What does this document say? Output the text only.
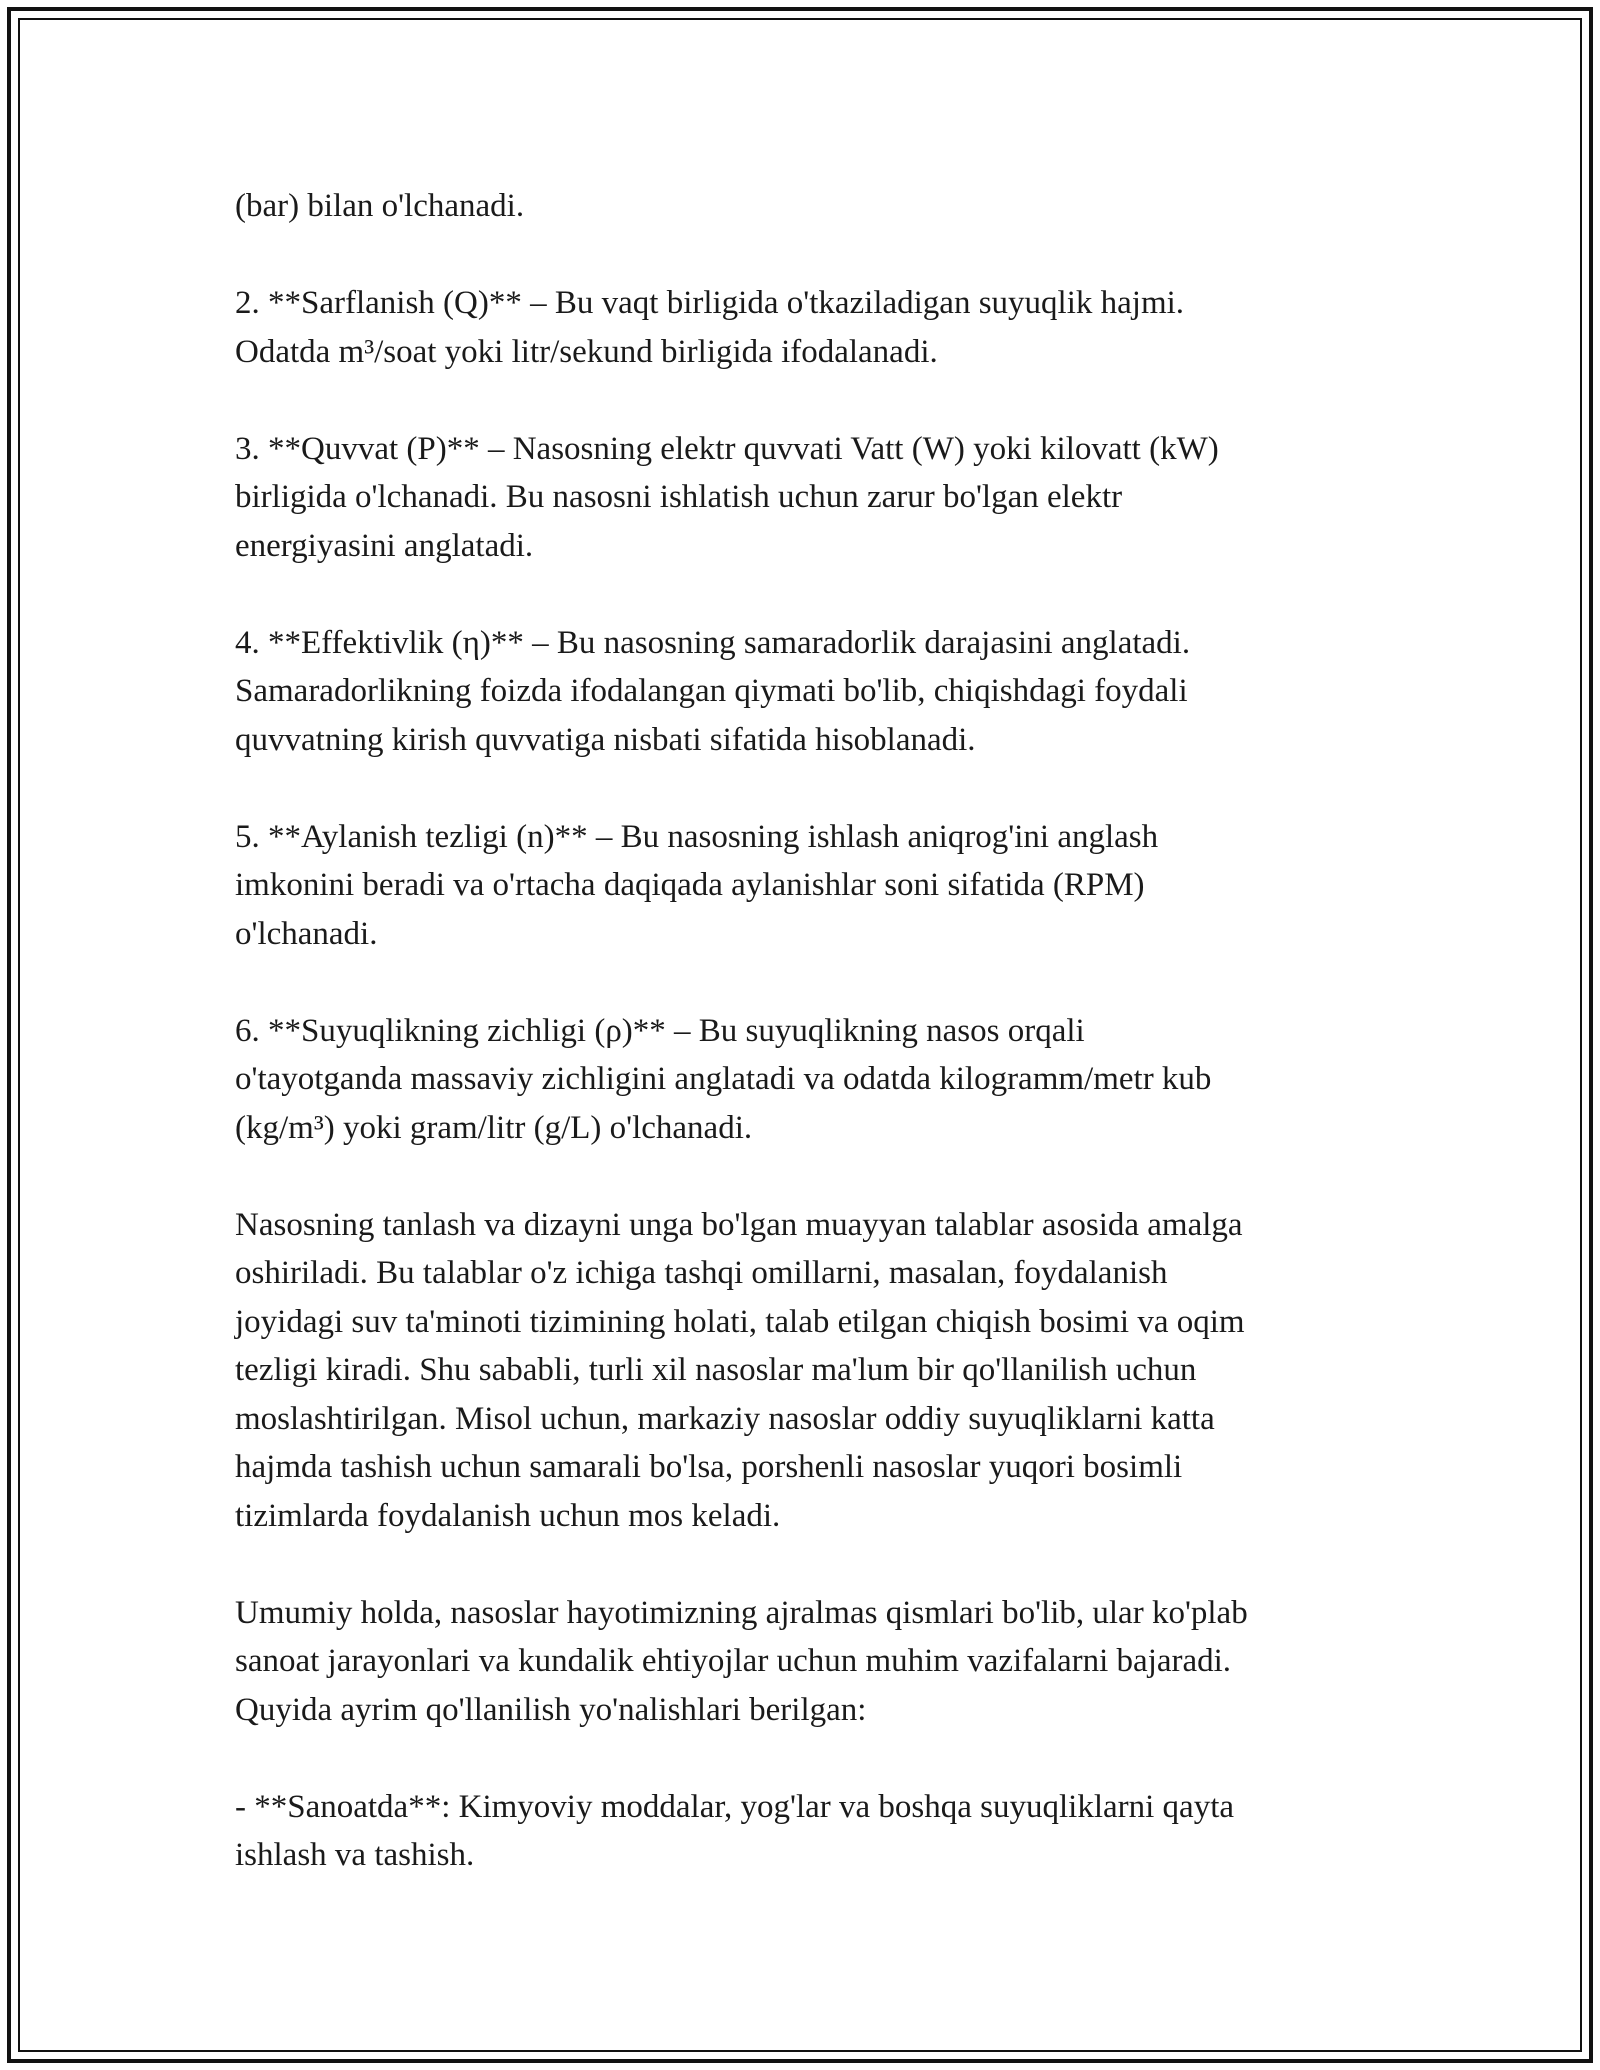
(bar) bilan o'lchanadi.

2. **Sarflanish (Q)** – Bu vaqt birligida o'tkaziladigan suyuqlik hajmi.
Odatda m³/soat yoki litr/sekund birligida ifodalanadi.

3. **Quvvat (P)** – Nasosning elektr quvvati Vatt (W) yoki kilovatt (kW)
birligida o'lchanadi. Bu nasosni ishlatish uchun zarur bo'lgan elektr
energiyasini anglatadi.

4. **Effektivlik (η)** – Bu nasosning samaradorlik darajasini anglatadi.
Samaradorlikning foizda ifodalangan qiymati bo'lib, chiqishdagi foydali
quvvatning kirish quvvatiga nisbati sifatida hisoblanadi.

5. **Aylanish tezligi (n)** – Bu nasosning ishlash aniqrog'ini anglash
imkonini beradi va o'rtacha daqiqada aylanishlar soni sifatida (RPM)
o'lchanadi.

6. **Suyuqlikning zichligi (ρ)** – Bu suyuqlikning nasos orqali
o'tayotganda massaviy zichligini anglatadi va odatda kilogramm/metr kub
(kg/m³) yoki gram/litr (g/L) o'lchanadi.

Nasosning tanlash va dizayni unga bo'lgan muayyan talablar asosida amalga
oshiriladi. Bu talablar o'z ichiga tashqi omillarni, masalan, foydalanish
joyidagi suv ta'minoti tizimining holati, talab etilgan chiqish bosimi va oqim
tezligi kiradi. Shu sababli, turli xil nasoslar ma'lum bir qo'llanilish uchun
moslashtirilgan. Misol uchun, markaziy nasoslar oddiy suyuqliklarni katta
hajmda tashish uchun samarali bo'lsa, porshenli nasoslar yuqori bosimli
tizimlarda foydalanish uchun mos keladi.

Umumiy holda, nasoslar hayotimizning ajralmas qismlari bo'lib, ular ko'plab
sanoat jarayonlari va kundalik ehtiyojlar uchun muhim vazifalarni bajaradi.
Quyida ayrim qo'llanilish yo'nalishlari berilgan:

- **Sanoatda**: Kimyoviy moddalar, yog'lar va boshqa suyuqliklarni qayta
ishlash va tashish.
